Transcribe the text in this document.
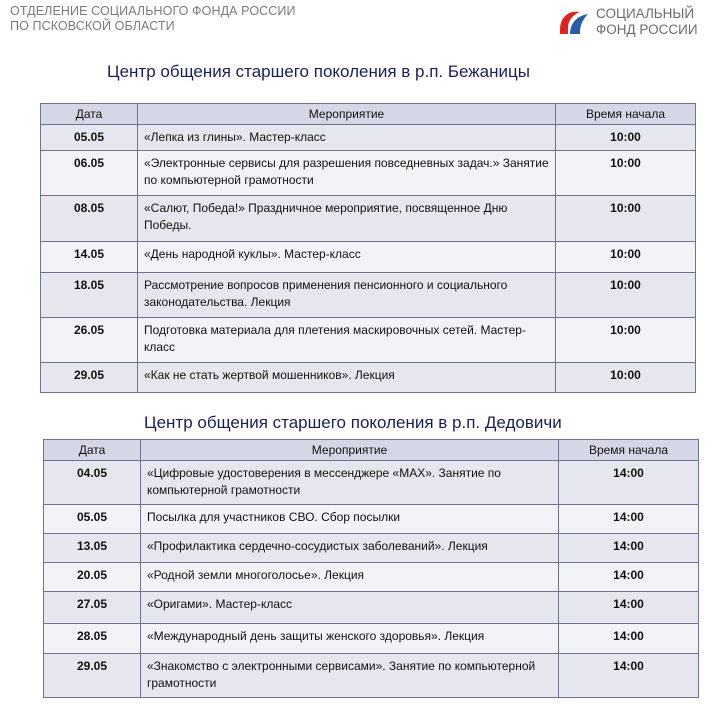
ОТДЕЛЕНИЕ СОЦИАЛЬНОГО ФОНДА РОССИИ
ПО ПСКОВСКОЙ ОБЛАСТИ
СОЦИАЛЬНЫЙ
ФОНД РОССИИ
Центр общения старшего поколения в р.п. Бежаницы
Дата	Мероприятие	Время начала
05.05	«Лепка из глины». Мастер-класс	10:00
06.05	«Электронные сервисы для разрешения повседневных задач.» Занятие по компьютерной грамотности	10:00
08.05	«Салют, Победа!» Праздничное мероприятие, посвященное Дню Победы.	10:00
14.05	«День народной куклы». Мастер-класс	10:00
18.05	Рассмотрение вопросов применения пенсионного и социального законодательства. Лекция	10:00
26.05	Подготовка материала для плетения маскировочных сетей. Мастер-класс	10:00
29.05	«Как не стать жертвой мошенников». Лекция	10:00
Центр общения старшего поколения в р.п. Дедовичи
Дата	Мероприятие	Время начала
04.05	«Цифровые удостоверения в мессенджере «МАХ». Занятие по компьютерной грамотности	14:00
05.05	Посылка для участников СВО. Сбор посылки	14:00
13.05	«Профилактика сердечно-сосудистых заболеваний». Лекция	14:00
20.05	«Родной земли многоголосье». Лекция	14:00
27.05	«Оригами». Мастер-класс	14:00
28.05	«Международный день защиты женского здоровья». Лекция	14:00
29.05	«Знакомство с электронными сервисами». Занятие по компьютерной грамотности	14:00
